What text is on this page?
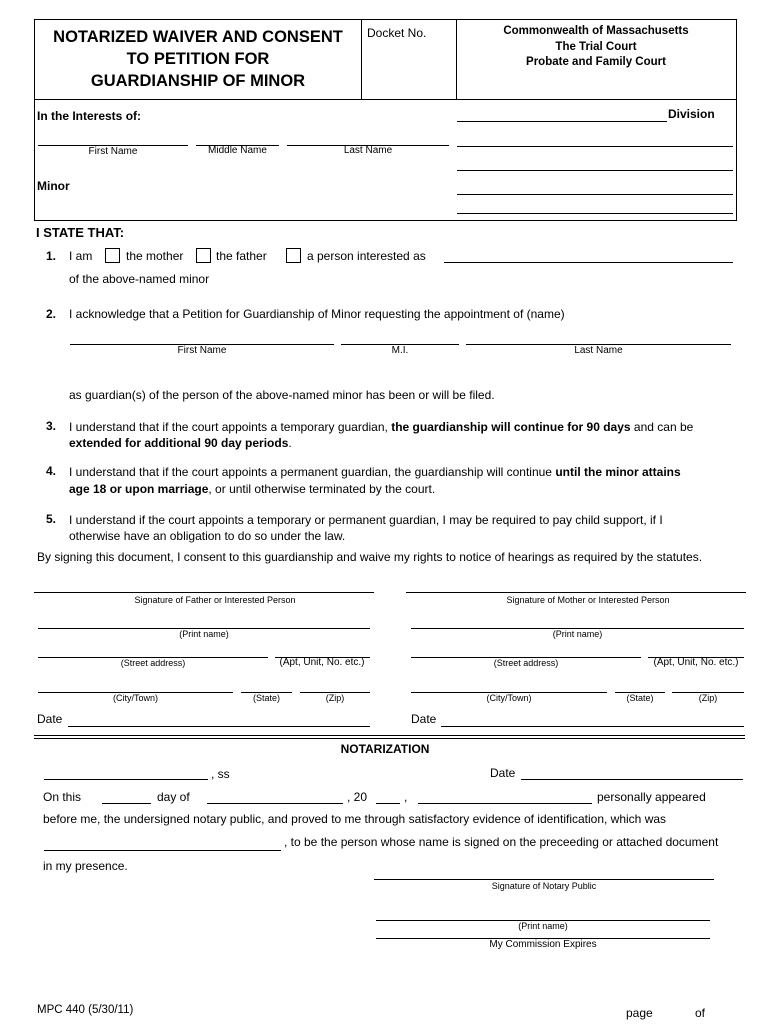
NOTARIZED WAIVER AND CONSENT
TO PETITION FOR
GUARDIANSHIP OF MINOR
Docket No.	Commonwealth of Massachusetts
The Trial Court
Probate and Family Court
In the Interests of:	Division
First Name	Middle Name	Last Name
Minor
I STATE THAT:
1. I am	the mother	the father	a person interested as
of the above-named minor
2. I acknowledge that a Petition for Guardianship of Minor requesting the appointment of (name)
First Name	M.I.	Last Name
as guardian(s) of the person of the above-named minor has been or will be filed.
3. I understand that if the court appoints a temporary guardian, the guardianship will continue for 90 days and can be
extended for additional 90 day periods.
4. I understand that if the court appoints a permanent guardian, the guardianship will continue until the minor attains
age 18 or upon marriage, or until otherwise terminated by the court.
5. I understand if the court appoints a temporary or permanent guardian, I may be required to pay child support, if I
otherwise have an obligation to do so under the law.
By signing this document, I consent to this guardianship and waive my rights to notice of hearings as required by the statutes.
Signature of Father or Interested Person
(Print name)
(Street address)	(Apt, Unit, No. etc.)
(City/Town)	(State)	(Zip)
Date
Signature of Mother or Interested Person
(Print name)
(Street address)	(Apt, Unit, No. etc.)
(City/Town)	(State)	(Zip)
Date
NOTARIZATION
, ss	Date
On this	day of	, 20	,	personally appeared
before me, the undersigned notary public, and proved to me through satisfactory evidence of identification, which was
, to be the person whose name is signed on the preceeding or attached document
in my presence.
Signature of Notary Public
(Print name)
My Commission Expires
MPC 440 (5/30/11)	page	of
